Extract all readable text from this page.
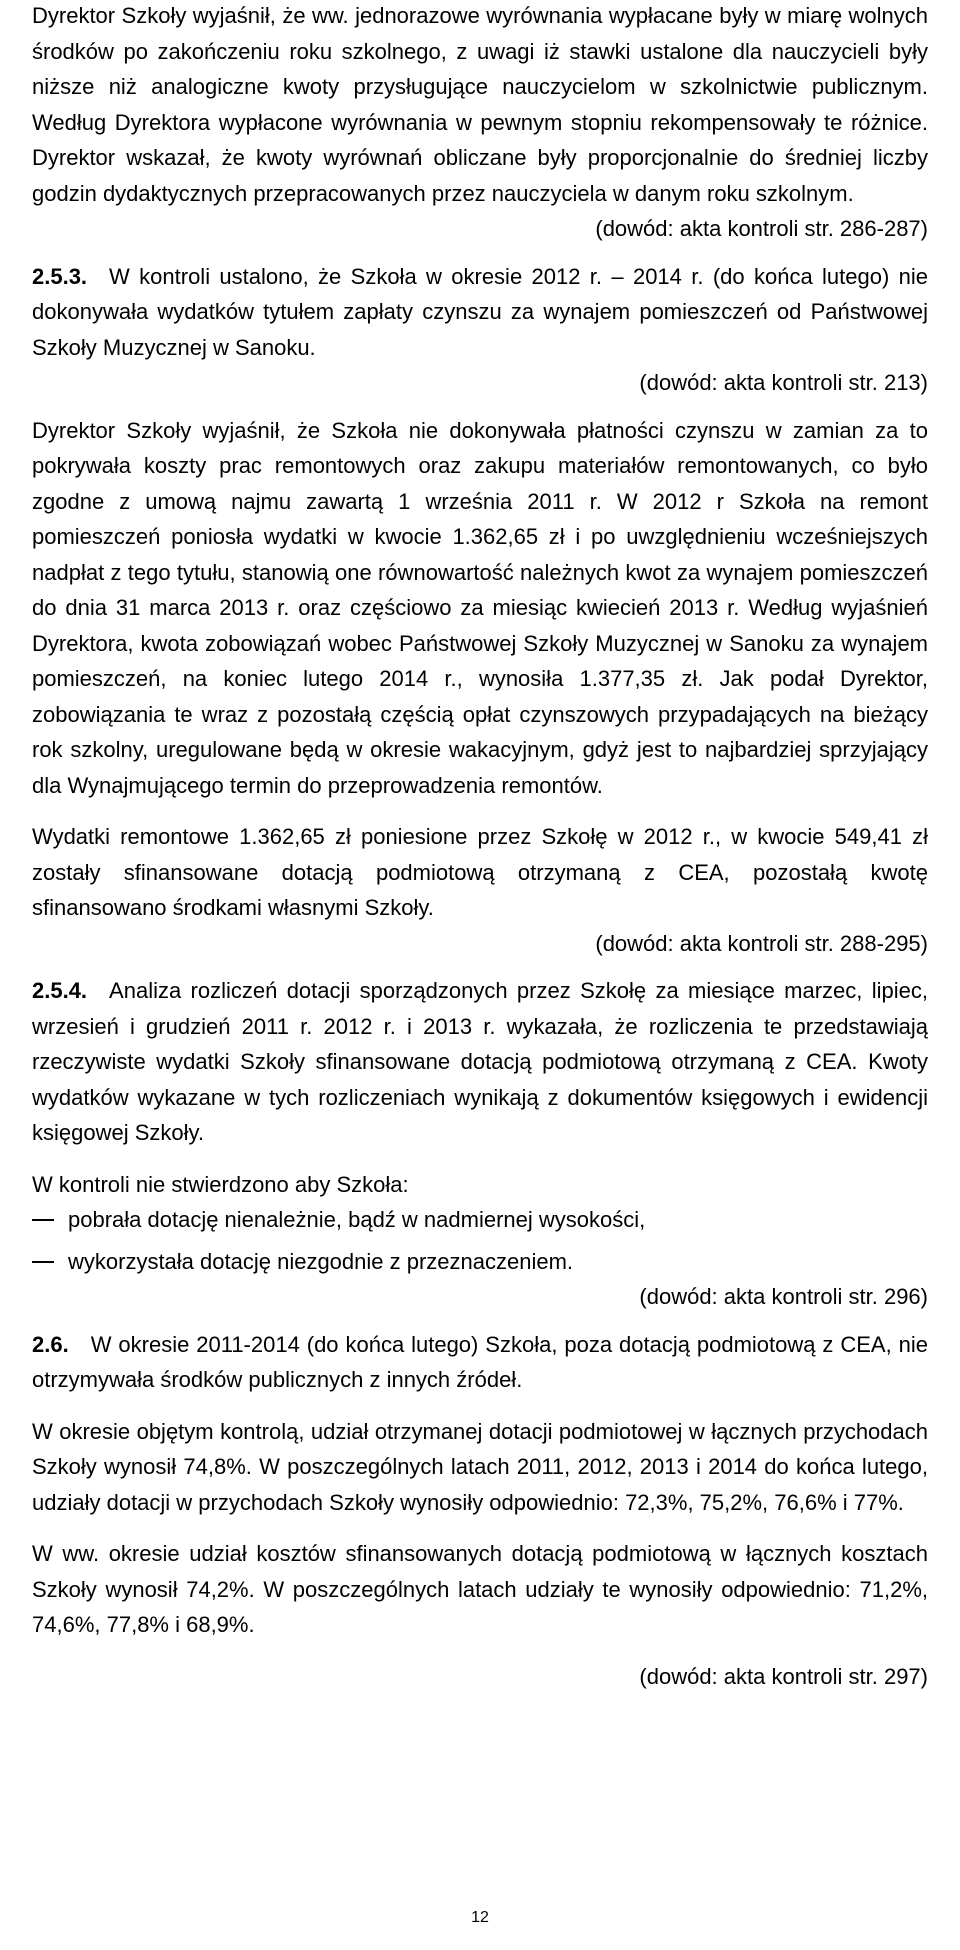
Dyrektor Szkoły wyjaśnił, że ww. jednorazowe wyrównania wypłacane były w miarę wolnych środków po zakończeniu roku szkolnego, z uwagi iż stawki ustalone dla nauczycieli były niższe niż analogiczne kwoty przysługujące nauczycielom w szkolnictwie publicznym. Według Dyrektora wypłacone wyrównania w pewnym stopniu rekompensowały te różnice. Dyrektor wskazał, że kwoty wyrównań obliczane były proporcjonalnie do średniej liczby godzin dydaktycznych przepracowanych przez nauczyciela w danym roku szkolnym.

(dowód: akta kontroli str. 286-287)

2.5.3. W kontroli ustalono, że Szkoła w okresie 2012 r. – 2014 r. (do końca lutego) nie dokonywała wydatków tytułem zapłaty czynszu za wynajem pomieszczeń od Państwowej Szkoły Muzycznej w Sanoku.

(dowód: akta kontroli str. 213)

Dyrektor Szkoły wyjaśnił, że Szkoła nie dokonywała płatności czynszu w zamian za to pokrywała koszty prac remontowych oraz zakupu materiałów remontowanych, co było zgodne z umową najmu zawartą 1 września 2011 r. W 2012 r Szkoła na remont pomieszczeń poniosła wydatki w kwocie 1.362,65 zł i po uwzględnieniu wcześniejszych nadpłat z tego tytułu, stanowią one równowartość należnych kwot za wynajem pomieszczeń do dnia 31 marca 2013 r. oraz częściowo za miesiąc kwiecień 2013 r. Według wyjaśnień Dyrektora, kwota zobowiązań wobec Państwowej Szkoły Muzycznej w Sanoku za wynajem pomieszczeń, na koniec lutego 2014 r., wynosiła 1.377,35 zł. Jak podał Dyrektor, zobowiązania te wraz z pozostałą częścią opłat czynszowych przypadających na bieżący rok szkolny, uregulowane będą w okresie wakacyjnym, gdyż jest to najbardziej sprzyjający dla Wynajmującego termin do przeprowadzenia remontów.

Wydatki remontowe 1.362,65 zł poniesione przez Szkołę w 2012 r., w kwocie 549,41 zł zostały sfinansowane dotacją podmiotową otrzymaną z CEA, pozostałą kwotę sfinansowano środkami własnymi Szkoły.

(dowód: akta kontroli str. 288-295)

2.5.4. Analiza rozliczeń dotacji sporządzonych przez Szkołę za miesiące marzec, lipiec, wrzesień i grudzień 2011 r. 2012 r. i 2013 r. wykazała, że rozliczenia te przedstawiają rzeczywiste wydatki Szkoły sfinansowane dotacją podmiotową otrzymaną z CEA. Kwoty wydatków wykazane w tych rozliczeniach wynikają z dokumentów księgowych i ewidencji księgowej Szkoły.

W kontroli nie stwierdzono aby Szkoła:

pobrała dotację nienależnie, bądź w nadmiernej wysokości,
wykorzystała dotację niezgodnie z przeznaczeniem.

(dowód: akta kontroli str. 296)

2.6. W okresie 2011-2014 (do końca lutego) Szkoła, poza dotacją podmiotową z CEA, nie otrzymywała środków publicznych z innych źródeł.

W okresie objętym kontrolą, udział otrzymanej dotacji podmiotowej w łącznych przychodach Szkoły wynosił 74,8%. W poszczególnych latach 2011, 2012, 2013 i 2014 do końca lutego, udziały dotacji w przychodach Szkoły wynosiły odpowiednio: 72,3%, 75,2%, 76,6% i 77%.

W ww. okresie udział kosztów sfinansowanych dotacją podmiotową w łącznych kosztach Szkoły wynosił 74,2%. W poszczególnych latach udziały te wynosiły odpowiednio: 71,2%, 74,6%, 77,8% i 68,9%.

(dowód: akta kontroli str. 297)

12
